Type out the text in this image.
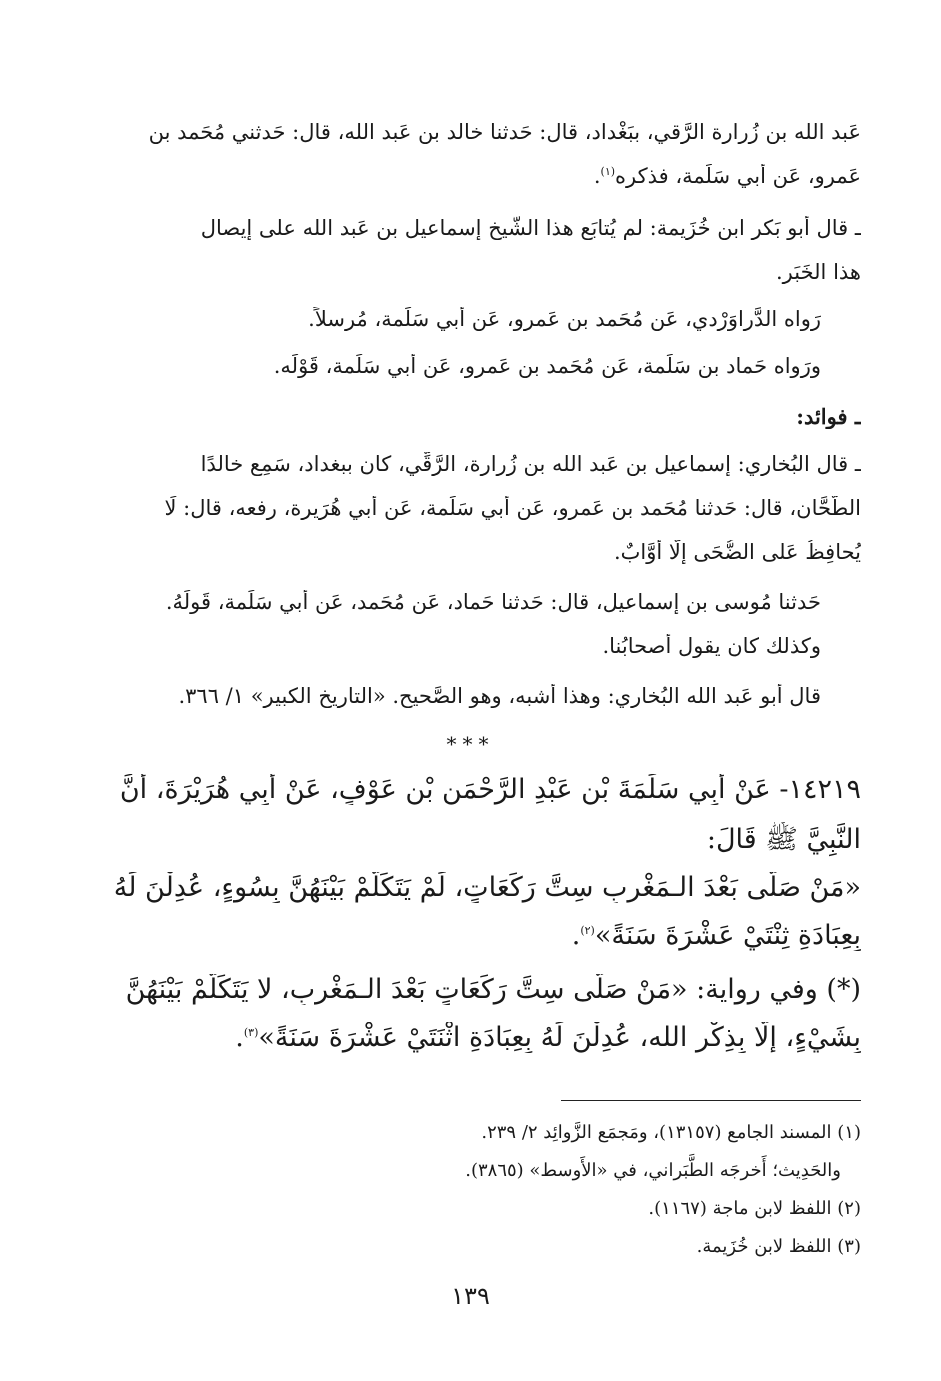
عَبد الله بن زُرارة الرَّقي، ببَغْداد، قال: حَدثنا خالد بن عَبد الله، قال: حَدثني مُحَمد بن
عَمرو، عَن أَبي سَلَمة، فذكره$^{(١)}$.
ـ قال أَبو بَكر ابن خُزَيمة: لم يُتابَع هذا الشَّيخ إِسماعيل بن عَبد الله على إِيصال
هذا الخَبَر.
رَواه الدَّراوَرْدي، عَن مُحَمد بن عَمرو، عَن أَبي سَلَمة، مُرسلاً.
ورَواه حَماد بن سَلَمة، عَن مُحَمد بن عَمرو، عَن أَبي سَلَمة، قَوْلَه.
ـ فوائد:
ـ قال البُخاري: إِسماعيل بن عَبد الله بن زُرارة، الرَّقِّي، كان ببغداد، سَمِع خالدًا
الطَّحَّان، قال: حَدثنا مُحَمد بن عَمرو، عَن أَبي سَلَمة، عَن أَبي هُرَيرة، رفعه، قال: لَا
يُحافِظُ عَلى الضُّحَى إِلَّا أَوَّابٌ.
حَدثنا مُوسى بن إِسماعيل، قال: حَدثنا حَماد، عَن مُحَمد، عَن أَبي سَلَمة، قَولَهُ.
وكذلك كان يقول أَصحابُنا.
قال أَبو عَبد الله البُخاري: وهذا أَشبه، وهو الصَّحيح. «التاريخ الكبير» ١/ ٣٦٦.
***
١٤٢١٩- عَنْ أَبِي سَلَمَةَ بْنِ عَبْدِ الرَّحْمَنِ بْنِ عَوْفٍ، عَنْ أَبِي هُرَيْرَةَ، أَنَّ
النَّبِيَّ ﷺ قَالَ:
«مَنْ صَلَّى بَعْدَ الـمَغْرِبِ سِتَّ رَكَعَاتٍ، لَمْ يَتَكَلَّمْ بَيْنَهُنَّ بِسُوءٍ، عُدِلْنَ لَهُ
بِعِبَادَةِ ثِنْتَيْ عَشْرَةَ سَنَةً»$^{(٢)}$.
(*) وفي رواية: «مَنْ صَلَّى سِتَّ رَكَعَاتٍ بَعْدَ الـمَغْرِبِ، لا يَتَكَلَّمْ بَيْنَهُنَّ
بِشَيْءٍ، إِلَّا بِذِكْرِ الله، عُدِلْنَ لَهُ بِعِبَادَةِ اثْنَتَيْ عَشْرَةَ سَنَةً»$^{(٣)}$.
(١) المسند الجامع (١٣١٥٧)، ومَجمَع الزَّوائِد ٢/ ٢٣٩.
والحَدِيث؛ أَخرجَه الطَّبَراني، في «الأَوسط» (٣٨٦٥).
(٢) اللفظ لابن ماجة (١١٦٧).
(٣) اللفظ لابن خُزَيمة.
١٣٩
